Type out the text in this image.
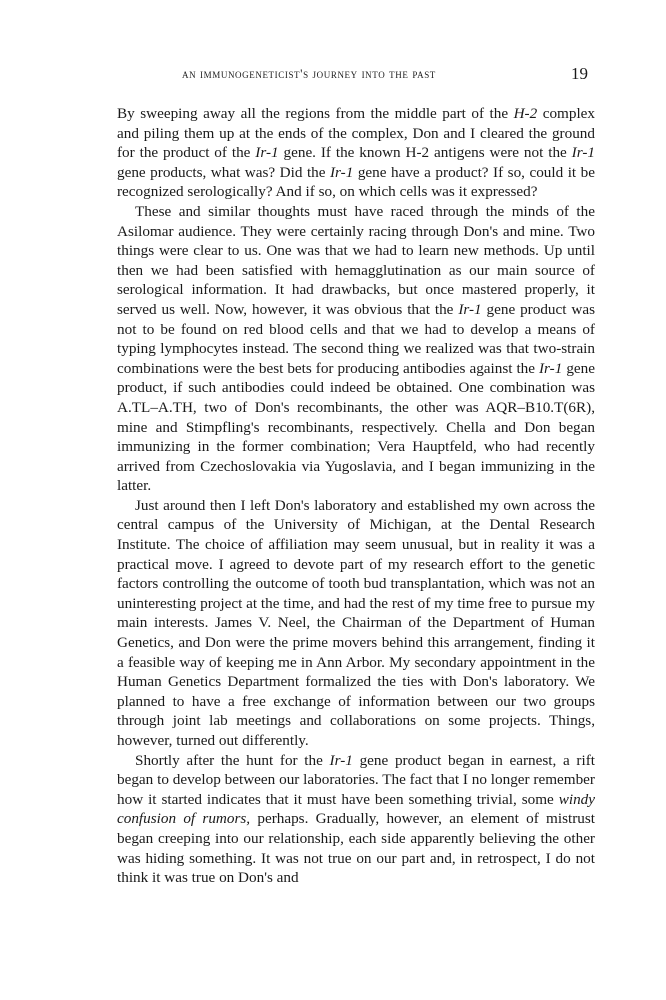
an immunogeneticist's journey into the past	19

By sweeping away all the regions from the middle part of the H-2 complex and piling them up at the ends of the complex, Don and I cleared the ground for the product of the Ir-1 gene. If the known H-2 antigens were not the Ir-1 gene products, what was? Did the Ir-1 gene have a product? If so, could it be recognized serologically? And if so, on which cells was it expressed?

These and similar thoughts must have raced through the minds of the Asilomar audience. They were certainly racing through Don's and mine. Two things were clear to us. One was that we had to learn new methods. Up until then we had been satisfied with hemagglutination as our main source of serological information. It had drawbacks, but once mastered properly, it served us well. Now, however, it was obvious that the Ir-1 gene product was not to be found on red blood cells and that we had to develop a means of typing lymphocytes instead. The second thing we realized was that two-strain combinations were the best bets for producing antibodies against the Ir-1 gene product, if such antibodies could indeed be obtained. One combination was A.TL–A.TH, two of Don's recombinants, the other was AQR–B10.T(6R), mine and Stimpfling's recombinants, respectively. Chella and Don began immunizing in the former combination; Vera Hauptfeld, who had recently arrived from Czechoslovakia via Yugoslavia, and I began immunizing in the latter.

Just around then I left Don's laboratory and established my own across the central campus of the University of Michigan, at the Dental Research Institute. The choice of affiliation may seem unusual, but in reality it was a practical move. I agreed to devote part of my research effort to the genetic factors controlling the outcome of tooth bud transplantation, which was not an uninteresting project at the time, and had the rest of my time free to pursue my main interests. James V. Neel, the Chairman of the Department of Human Genetics, and Don were the prime movers behind this arrangement, finding it a feasible way of keeping me in Ann Arbor. My secondary appointment in the Human Genetics Department formalized the ties with Don's laboratory. We planned to have a free exchange of information between our two groups through joint lab meetings and collaborations on some projects. Things, however, turned out differently.

Shortly after the hunt for the Ir-1 gene product began in earnest, a rift began to develop between our laboratories. The fact that I no longer remember how it started indicates that it must have been something trivial, some windy confusion of rumors, perhaps. Gradually, however, an element of mistrust began creeping into our relationship, each side apparently believing the other was hiding something. It was not true on our part and, in retrospect, I do not think it was true on Don's and
